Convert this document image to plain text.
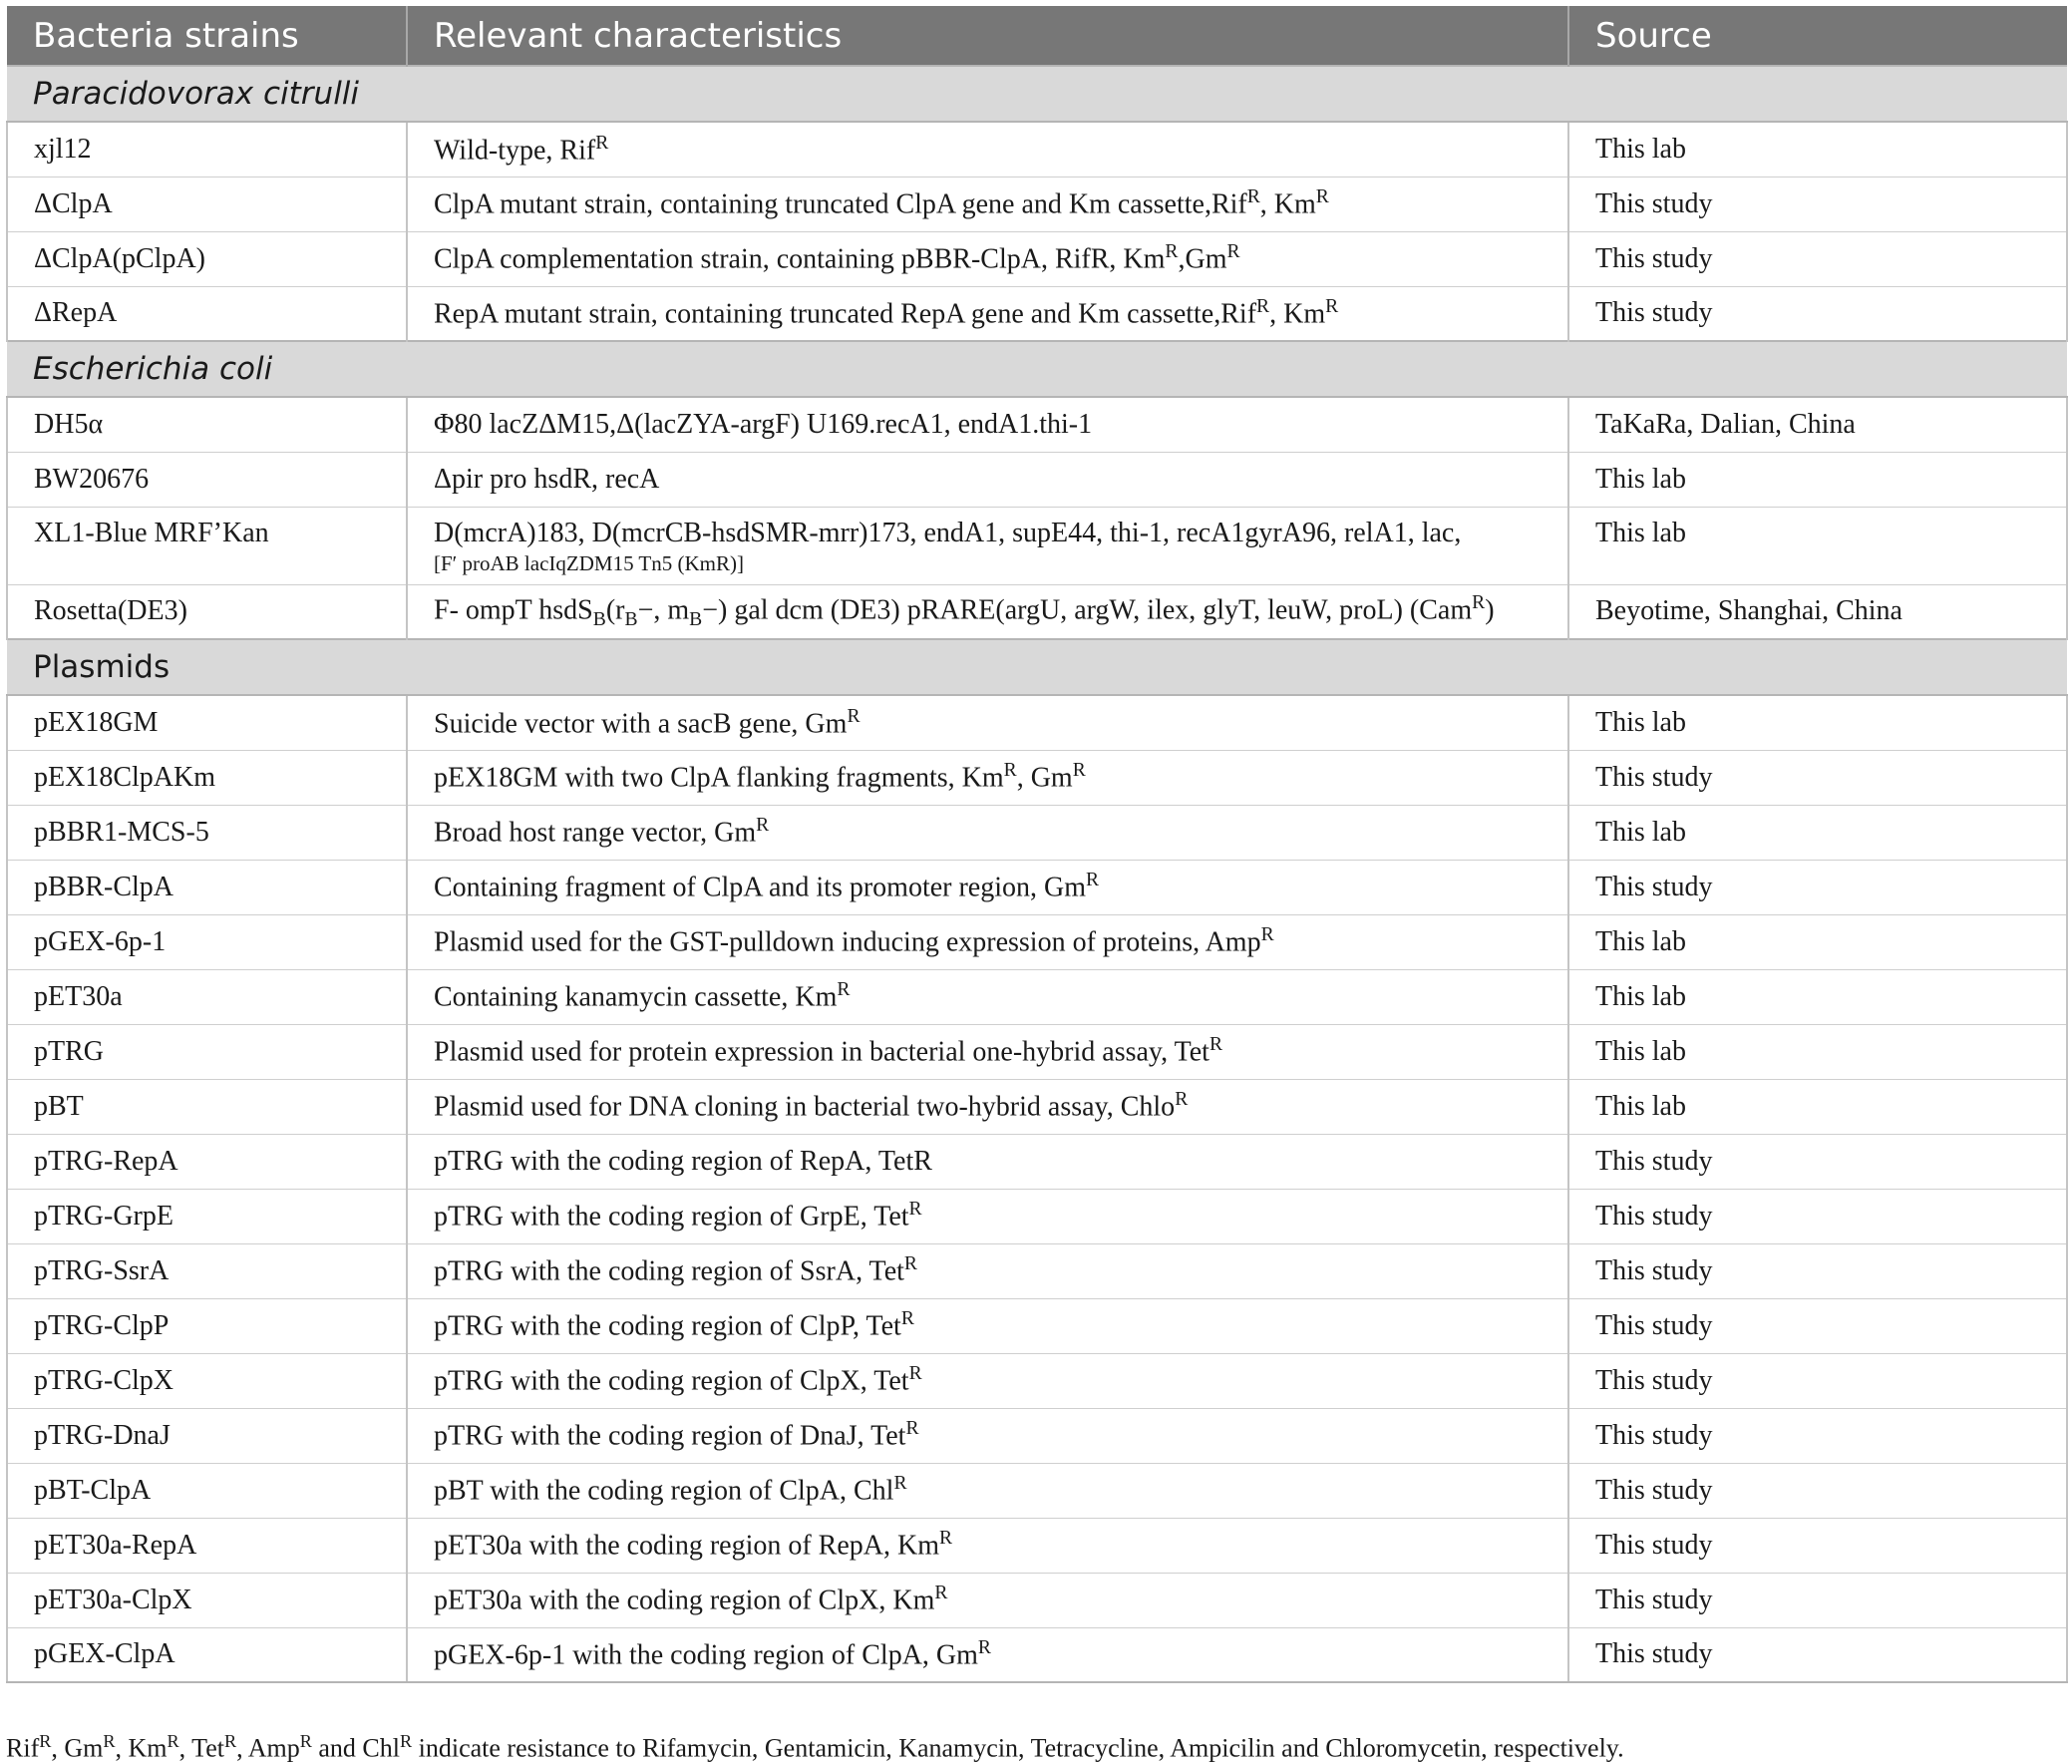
Bacteria strains	Relevant characteristics	Source
Paracidovorax citrulli		
xjl12	Wild-type, Rif$^R$	This lab
ΔClpA	ClpA mutant strain, containing truncated ClpA gene and Km cassette,Rif$^R$, $Km^R$	This study
ΔClpA(pClpA)	ClpA complementation strain, containing pBBR-ClpA, RifR, $Km^R,Gm^R$	This study
ΔRepA	RepA mutant strain, containing truncated RepA gene and Km cassette,Rif$^R$, $Km^R$	This study
Escherichia coli		
DH5α	Φ80 lacZΔM15,Δ(lacZYA-argF) U169.recA1, endA1.thi-1	TaKaRa, Dalian, China
BW20676	Δpir pro hsdR, recA	This lab
XL1-Blue MRF’Kan	D(mcrA)183, D(mcrCB-hsdSMR-mrr)173, endA1, supE44, thi-1, recA1gyrA96, relA1, lac,
[F′ proAB lacIqZDM15 Tn5 (KmR)]	This lab
Rosetta(DE3)	F- ompT $hsdS_B(r_B-$, $m_B-$) gal dcm (DE3) pRARE(argU, argW, ilex, glyT, leuW, proL) (Cam$^R$)	Beyotime, Shanghai, China
Plasmids		
pEX18GM	Suicide vector with a sacB gene, $Gm^R$	This lab
pEX18ClpAKm	pEX18GM with two ClpA flanking fragments, $Km^R$, $Gm^R$	This study
pBBR1-MCS-5	Broad host range vector, $Gm^R$	This lab
pBBR-ClpA	Containing fragment of ClpA and its promoter region, $Gm^R$	This study
pGEX-6p-1	Plasmid used for the GST-pulldown inducing expression of proteins, Amp$^R$	This lab
pET30a	Containing kanamycin cassette, $Km^R$	This lab
pTRG	Plasmid used for protein expression in bacterial one-hybrid assay, Tet$^R$	This lab
pBT	Plasmid used for DNA cloning in bacterial two-hybrid assay, Chlo$^R$	This lab
pTRG-RepA	pTRG with the coding region of RepA, TetR	This study
pTRG-GrpE	pTRG with the coding region of GrpE, Tet$^R$	This study
pTRG-SsrA	pTRG with the coding region of SsrA, Tet$^R$	This study
pTRG-ClpP	pTRG with the coding region of ClpP, Tet$^R$	This study
pTRG-ClpX	pTRG with the coding region of ClpX, Tet$^R$	This study
pTRG-DnaJ	pTRG with the coding region of DnaJ, Tet$^R$	This study
pBT-ClpA	pBT with the coding region of ClpA, Chl$^R$	This study
pET30a-RepA	pET30a with the coding region of RepA, $Km^R$	This study
pET30a-ClpX	pET30a with the coding region of ClpX, $Km^R$	This study
pGEX-ClpA	pGEX-6p-1 with the coding region of ClpA, $Gm^R$	This study
Rif$^R$, $Gm^R$, $Km^R$, Tet$^R$, Amp$^R$ and Chl$^R$ indicate resistance to Rifamycin, Gentamicin, Kanamycin, Tetracycline, Ampicilin and Chloromycetin, respectively.
